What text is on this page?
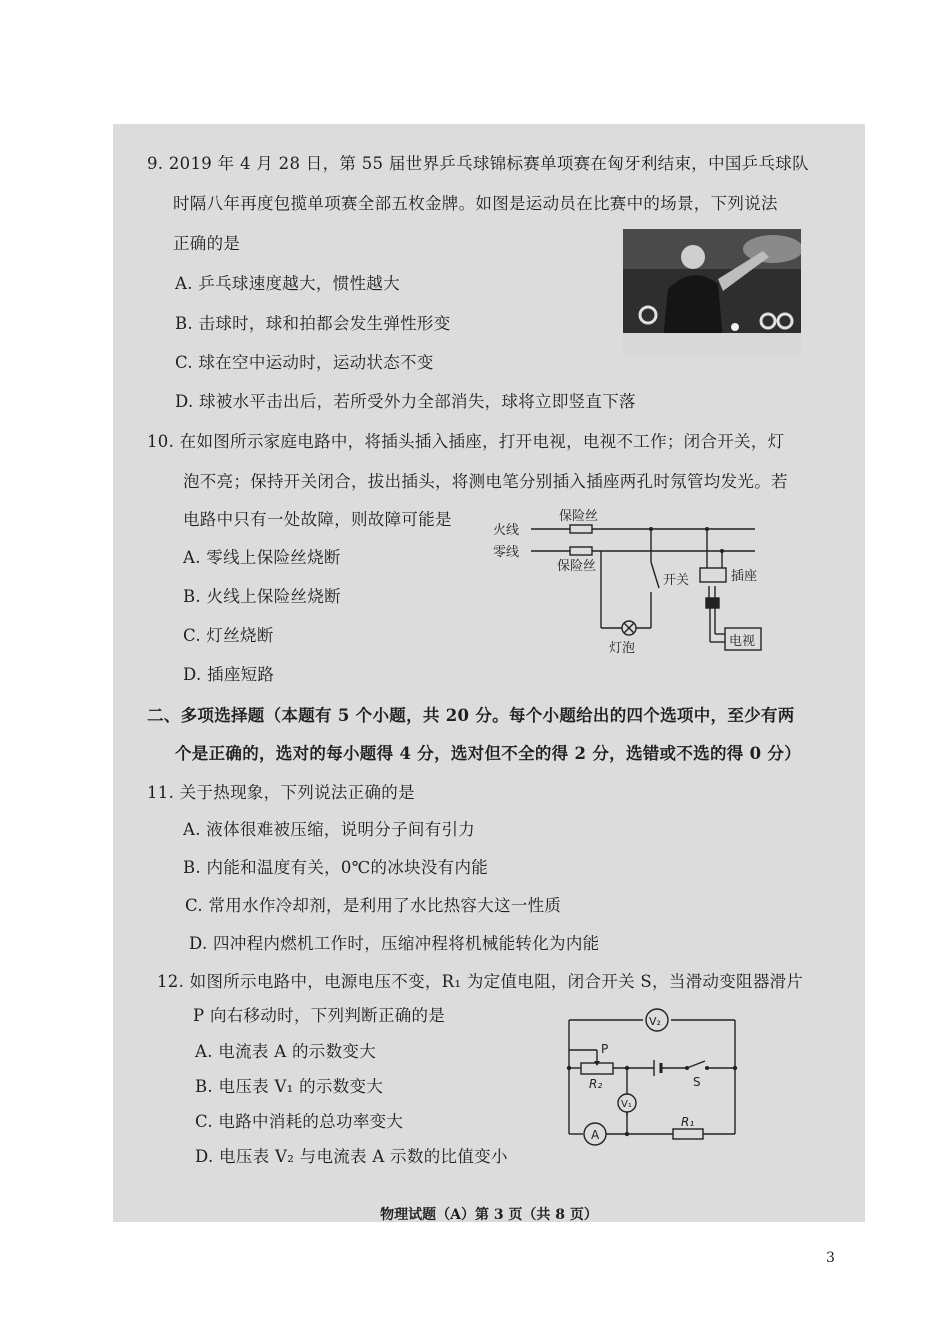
9. 2019 年 4 月 28 日，第 55 届世界乒乓球锦标赛单项赛在匈牙利结束，中国乒乓球队
时隔八年再度包揽单项赛全部五枚金牌。如图是运动员在比赛中的场景，下列说法
正确的是
A. 乒乓球速度越大，惯性越大
B. 击球时，球和拍都会发生弹性形变
C. 球在空中运动时，运动状态不变
D. 球被水平击出后，若所受外力全部消失，球将立即竖直下落
10. 在如图所示家庭电路中，将插头插入插座，打开电视，电视不工作；闭合开关，灯
泡不亮；保持开关闭合，拔出插头，将测电笔分别插入插座两孔时氖管均发光。若
电路中只有一处故障，则故障可能是
A. 零线上保险丝烧断
B. 火线上保险丝烧断
C. 灯丝烧断
D. 插座短路
火线
零线
保险丝
保险丝
开关	插座
灯泡	电视
二、多项选择题（本题有 5 个小题，共 20 分。每个小题给出的四个选项中，至少有两
个是正确的，选对的每小题得 4 分，选对但不全的得 2 分，选错或不选的得 0 分）
11. 关于热现象，下列说法正确的是
A. 液体很难被压缩，说明分子间有引力
B. 内能和温度有关，0℃的冰块没有内能
C. 常用水作冷却剂，是利用了水比热容大这一性质
D. 四冲程内燃机工作时，压缩冲程将机械能转化为内能
12. 如图所示电路中，电源电压不变，R₁ 为定值电阻，闭合开关 S，当滑动变阻器滑片
P 向右移动时，下列判断正确的是
A. 电流表 A 的示数变大
B. 电压表 V₁ 的示数变大
C. 电路中消耗的总功率变大
D. 电压表 V₂ 与电流表 A 示数的比值变小
V₂
V₁
A
P
R₂
R₁
S
物理试题（A）第 3 页（共 8 页）
3
